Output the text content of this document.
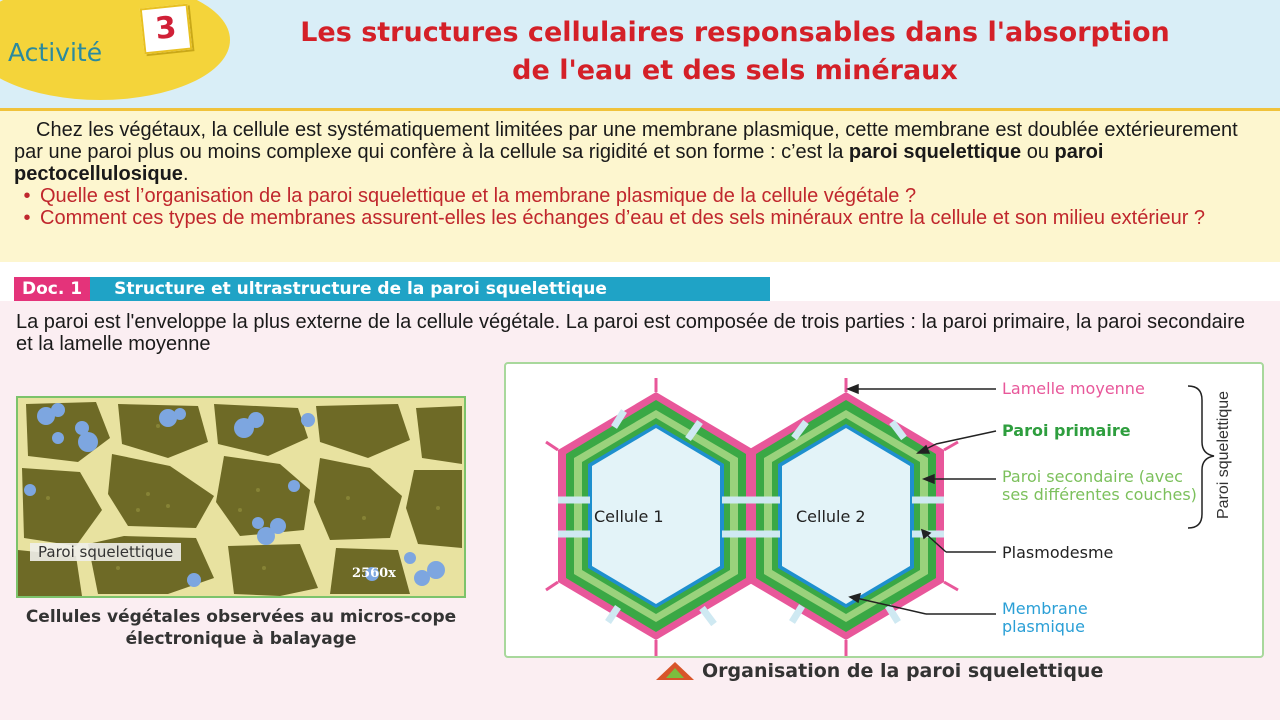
Activité
3	Les structures cellulaires responsables dans l'absorption
de l'eau et des sels minéraux

Chez les végétaux, la cellule est systématiquement limitées par une membrane plasmique, cette membrane est doublée extérieurement par une paroi plus ou moins complexe qui confère à la cellule sa rigidité et son forme : c’est la paroi squelettique ou paroi pectocellulosique.

• Quelle est l’organisation de la paroi squelettique et la membrane plasmique de la cellule végétale ?
• Comment ces types de membranes assurent-elles les échanges d’eau et des sels minéraux entre la cellule et son milieu extérieur ?

La paroi est l'enveloppe la plus externe de la cellule végétale. La paroi est composée de trois parties : la paroi primaire, la paroi secondaire et la lamelle moyenne

Doc. 1	Structure et ultrastructure de la paroi squelettique
Paroi squelettique
2560x
Cellules végétales observées au micros-cope électronique à balayage
Cellule 1	Cellule 2
Lamelle moyenne
Paroi primaire
Paroi secondaire (avec ses différentes couches)
Plasmodesme
Membrane plasmique
Paroi squelettique
Organisation de la paroi squelettique
